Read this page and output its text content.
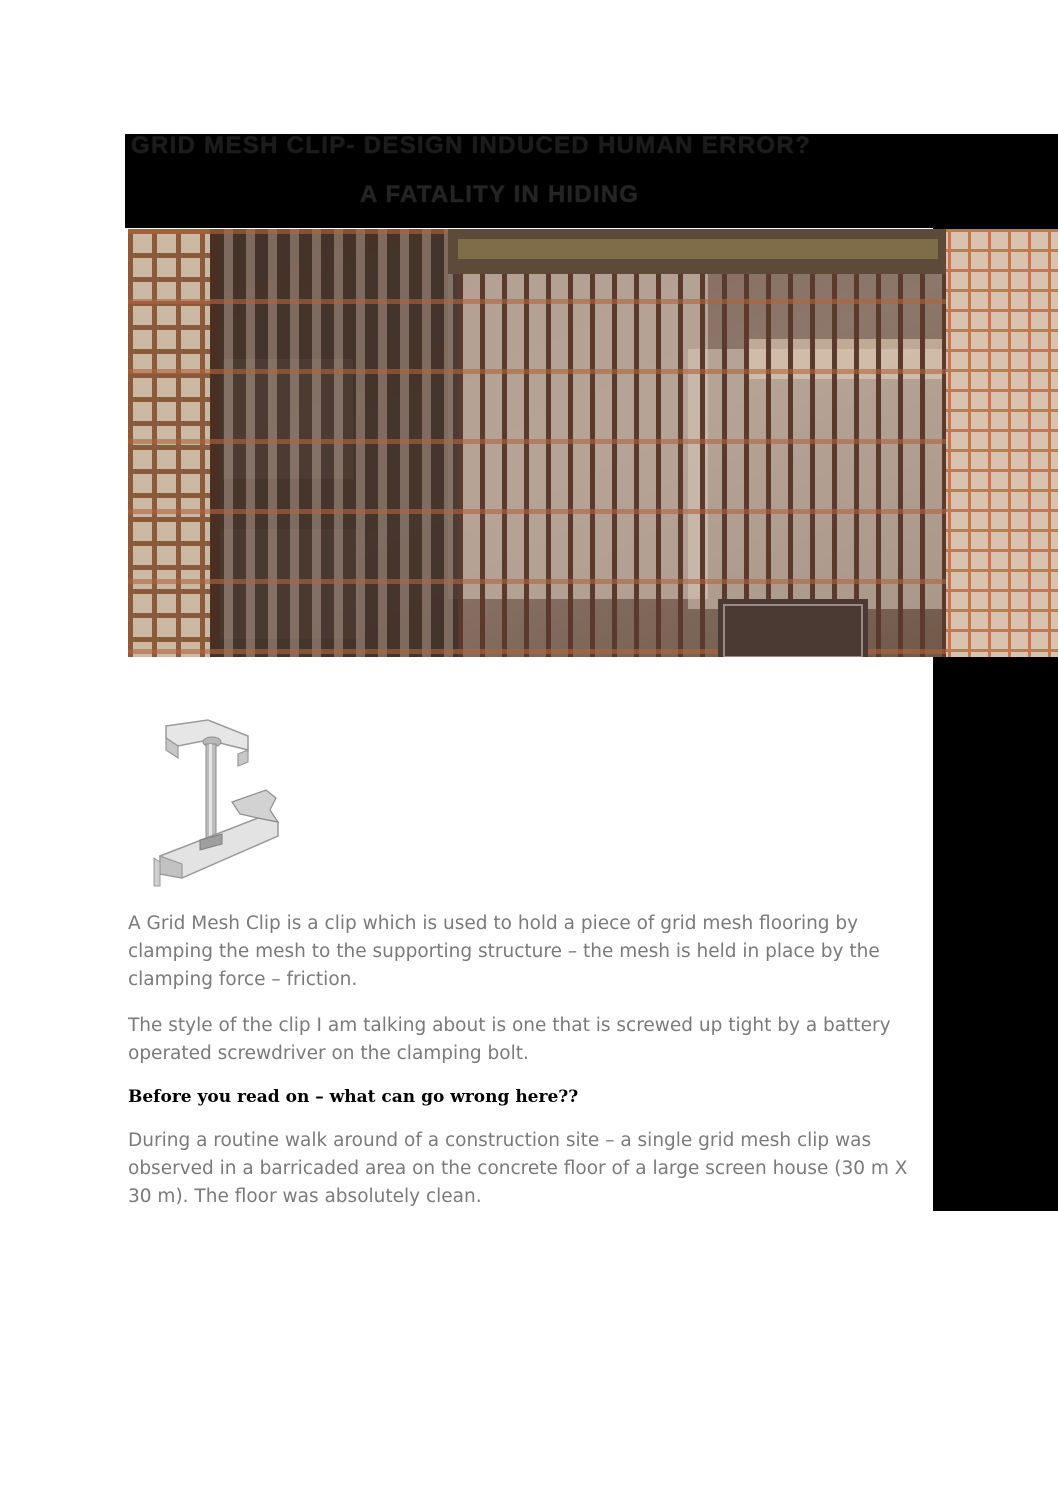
GRID MESH CLIP- DESIGN INDUCED HUMAN ERROR?
A FATALITY IN HIDING
A Grid Mesh Clip is a clip which is used to hold a piece of grid mesh flooring by clamping the mesh to the supporting structure – the mesh is held in place by the clamping force – friction.
The style of the clip I am talking about is one that is screwed up tight by a battery operated screwdriver on the clamping bolt.
Before you read on – what can go wrong here??
During a routine walk around of a construction site – a single grid mesh clip was observed in a barricaded area on the concrete floor of a large screen house (30 m X 30 m). The floor was absolutely clean.
